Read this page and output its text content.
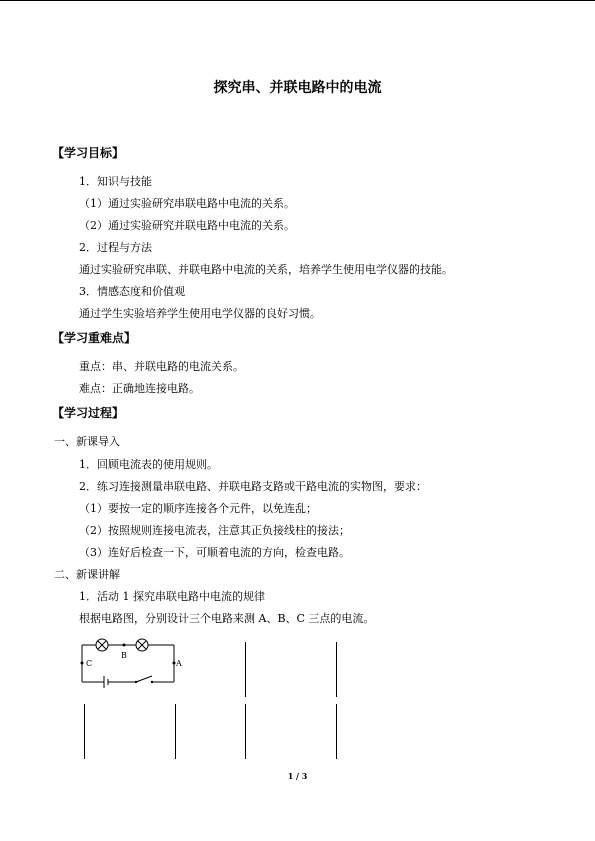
探究串、并联电路中的电流
【学习目标】
1．知识与技能
（1）通过实验研究串联电路中电流的关系。
（2）通过实验研究并联电路中电流的关系。
2．过程与方法
通过实验研究串联、并联电路中电流的关系，培养学生使用电学仪器的技能。
3．情感态度和价值观
通过学生实验培养学生使用电学仪器的良好习惯。
【学习重难点】
重点：串、并联电路的电流关系。
难点：正确地连接电路。
【学习过程】
一、新课导入
1．回顾电流表的使用规则。
2．练习连接测量串联电路、并联电路支路或干路电流的实物图，要求：
（1）要按一定的顺序连接各个元件，以免连乱；
（2）按照规则连接电流表，注意其正负接线柱的接法；
（3）连好后检查一下，可顺着电流的方向，检查电路。
二、新课讲解
1．活动 1 探究串联电路中电流的规律
根据电路图，分别设计三个电路来测 A、B、C 三点的电流。
C
B
A
1 / 3
